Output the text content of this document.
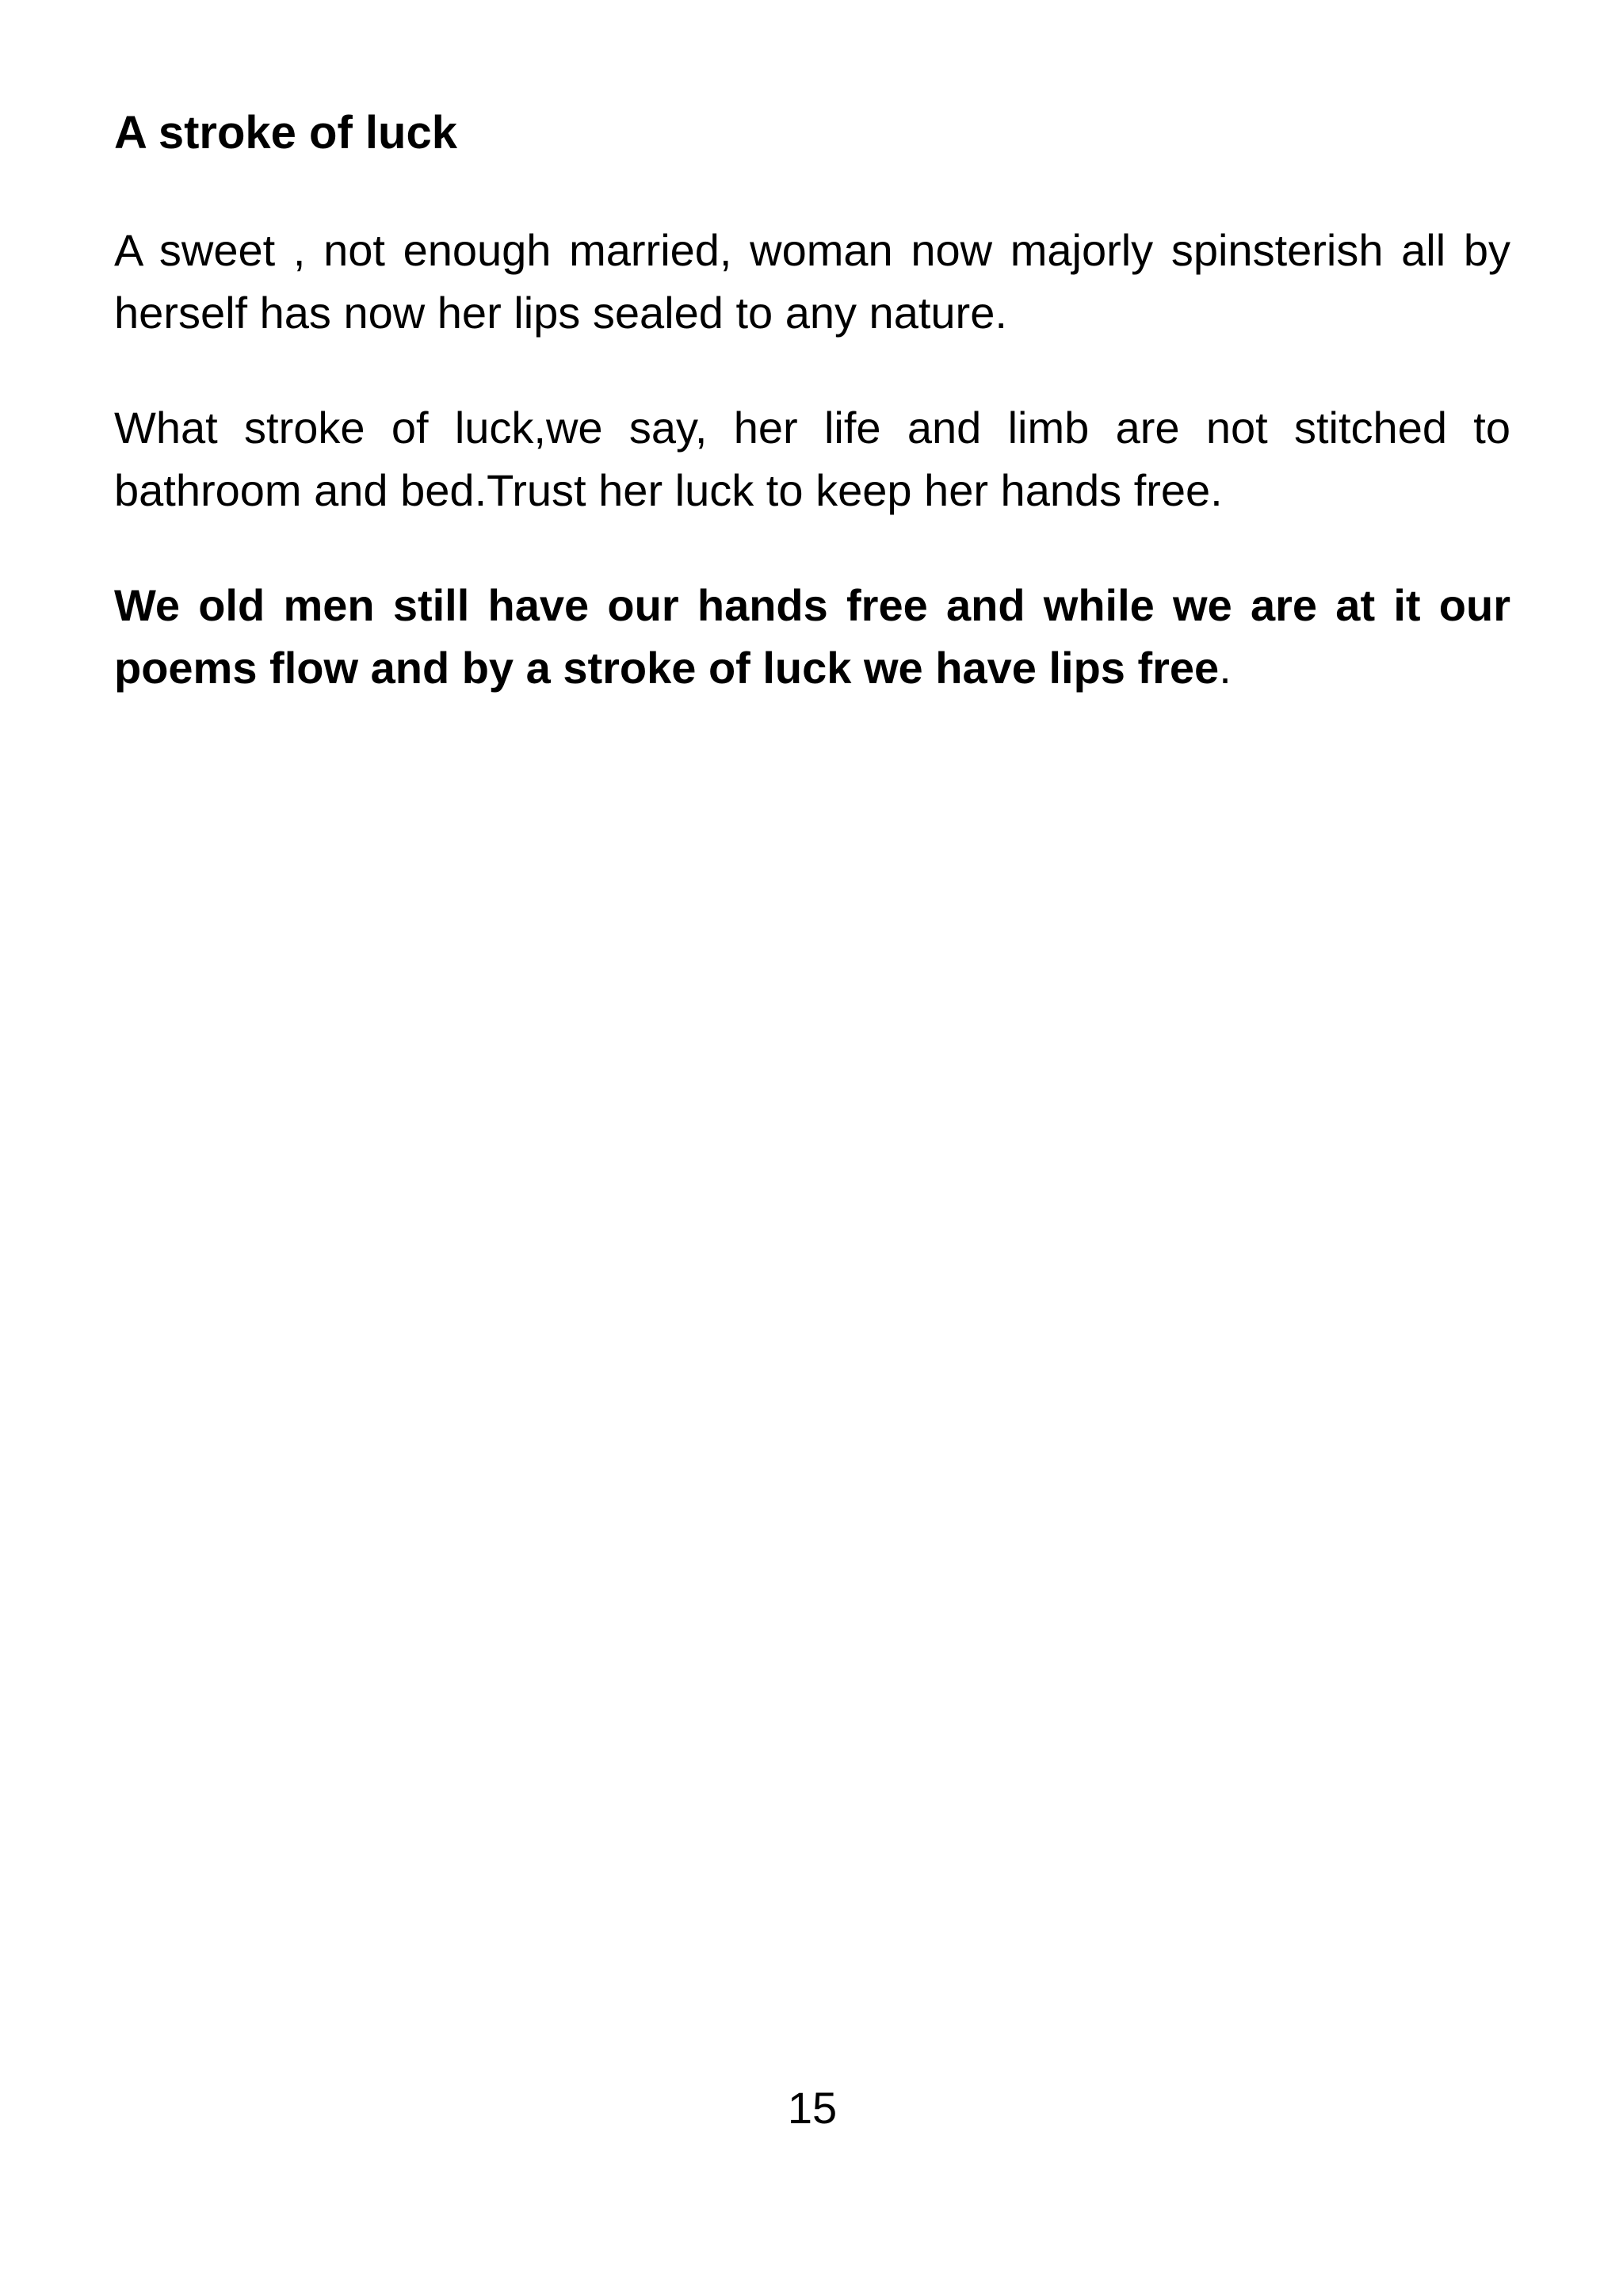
A stroke of luck

A sweet , not enough married, woman now majorly spinsterish all by herself has now her lips sealed to any nature.

What stroke of luck,we say, her life and limb are not stitched to bathroom and bed.Trust her luck to keep her hands free.

We old men still have our hands free and while we are at it our poems flow and by a stroke of luck we have lips free.

15
